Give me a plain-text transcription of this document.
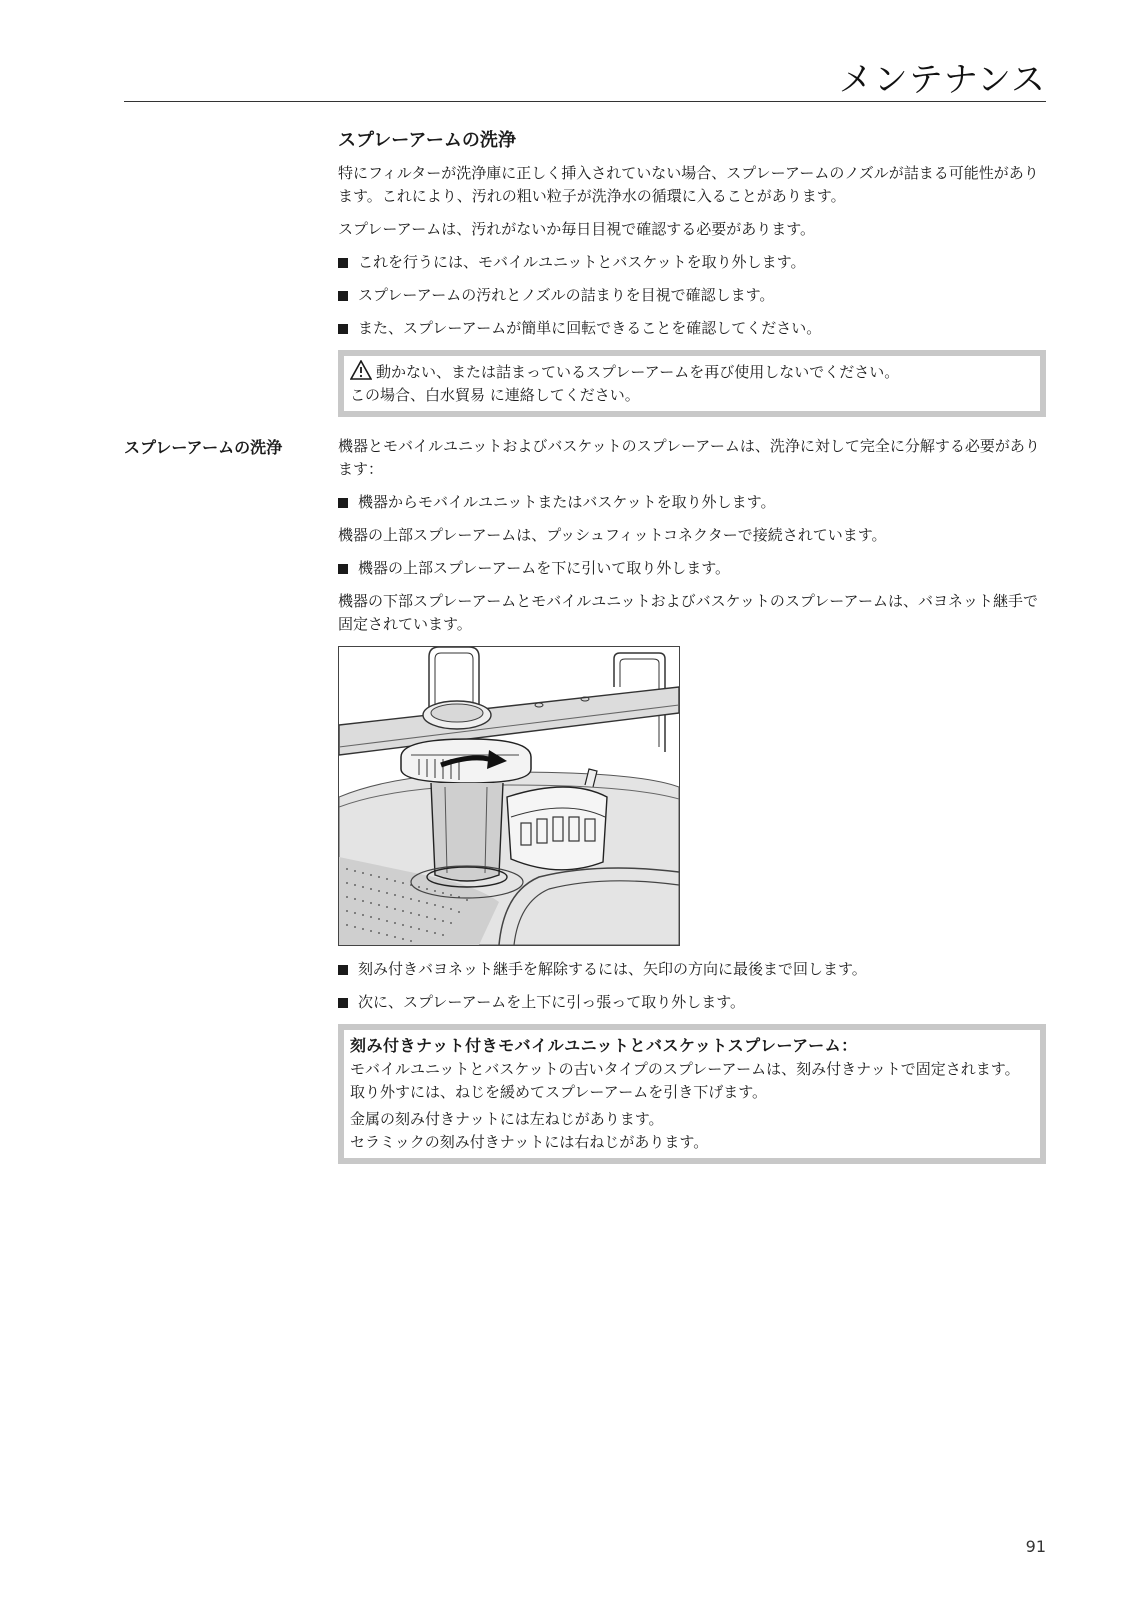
メンテナンス
スプレーアームの洗浄
スプレーアームの洗浄

特にフィルターが洗浄庫に正しく挿入されていない場合、スプレーアームのノズルが詰まる可能性があります。これにより、汚れの粗い粒子が洗浄水の循環に入ることがあります。

スプレーアームは、汚れがないか毎日目視で確認する必要があります。

これを行うには、モバイルユニットとバスケットを取り外します。
スプレーアームの汚れとノズルの詰まりを目視で確認します。
また、スプレーアームが簡単に回転できることを確認してください。
動かない、または詰まっているスプレーアームを再び使用しないでください。
この場合、白水貿易 に連絡してください。

機器とモバイルユニットおよびバスケットのスプレーアームは、洗浄に対して完全に分解する必要があります：

機器からモバイルユニットまたはバスケットを取り外します。

機器の上部スプレーアームは、プッシュフィットコネクターで接続されています。

機器の上部スプレーアームを下に引いて取り外します。

機器の下部スプレーアームとモバイルユニットおよびバスケットのスプレーアームは、バヨネット継手で固定されています。

刻み付きバヨネット継手を解除するには、矢印の方向に最後まで回します。
次に、スプレーアームを上下に引っ張って取り外します。
刻み付きナット付きモバイルユニットとバスケットスプレーアーム：
モバイルユニットとバスケットの古いタイプのスプレーアームは、刻み付きナットで固定されます。取り外すには、ねじを緩めてスプレーアームを引き下げます。
金属の刻み付きナットには左ねじがあります。
セラミックの刻み付きナットには右ねじがあります。
91
